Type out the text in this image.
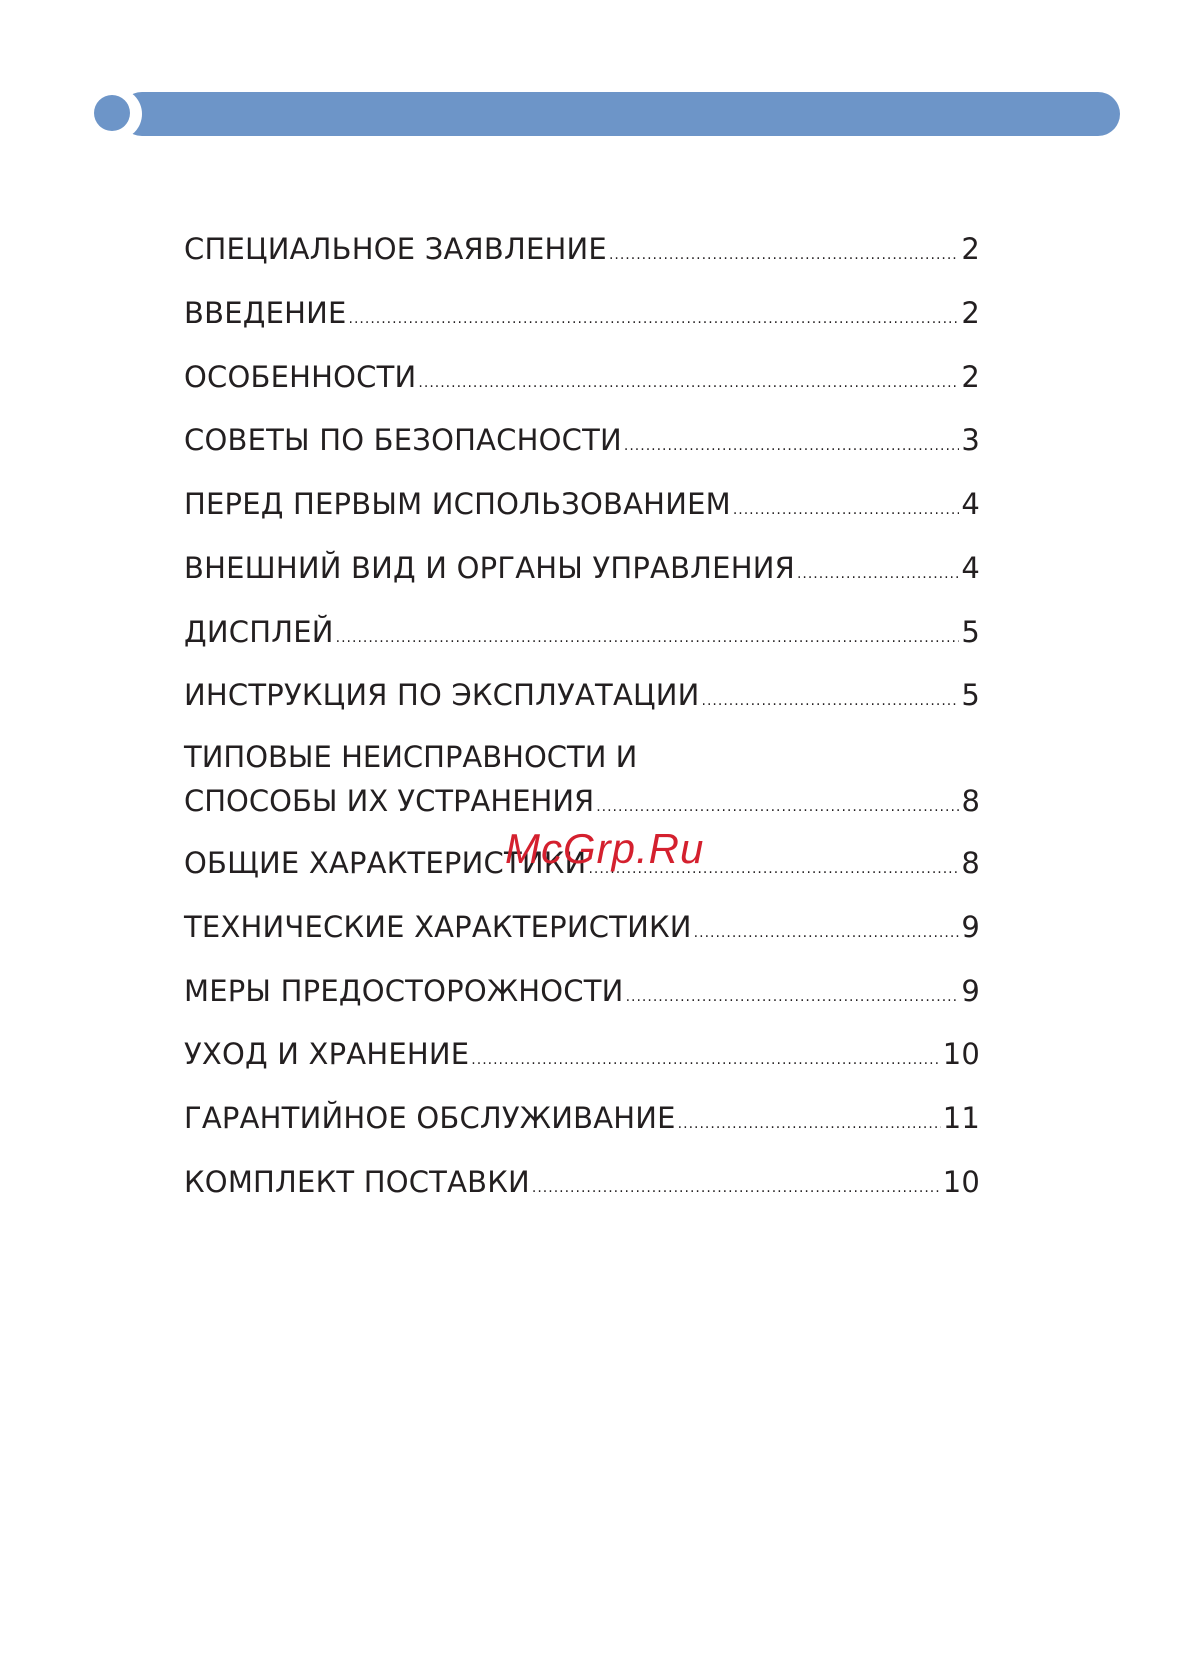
СПЕЦИАЛЬНОЕ ЗАЯВЛЕНИЕ .....	2
ВВЕДЕНИЕ .....	2
ОСОБЕННОСТИ .....	2
СОВЕТЫ ПО БЕЗОПАСНОСТИ .....	3
ПЕРЕД ПЕРВЫМ ИСПОЛЬЗОВАНИЕМ .....	4
ВНЕШНИЙ ВИД И ОРГАНЫ УПРАВЛЕНИЯ .....	4
ДИСПЛЕЙ .....	5
ИНСТРУКЦИЯ ПО ЭКСПЛУАТАЦИИ .....	5
ТИПОВЫЕ НЕИСПРАВНОСТИ И
СПОСОБЫ ИХ УСТРАНЕНИЯ .....	8
ОБЩИЕ ХАРАКТЕРИСТИКИ .....	8
ТЕХНИЧЕСКИЕ ХАРАКТЕРИСТИКИ .....	9
МЕРЫ ПРЕДОСТОРОЖНОСТИ .....	9
УХОД И ХРАНЕНИЕ .....	10
ГАРАНТИЙНОЕ ОБСЛУЖИВАНИЕ .....	11
КОМПЛЕКТ ПОСТАВКИ .....	10
McGrp.Ru
